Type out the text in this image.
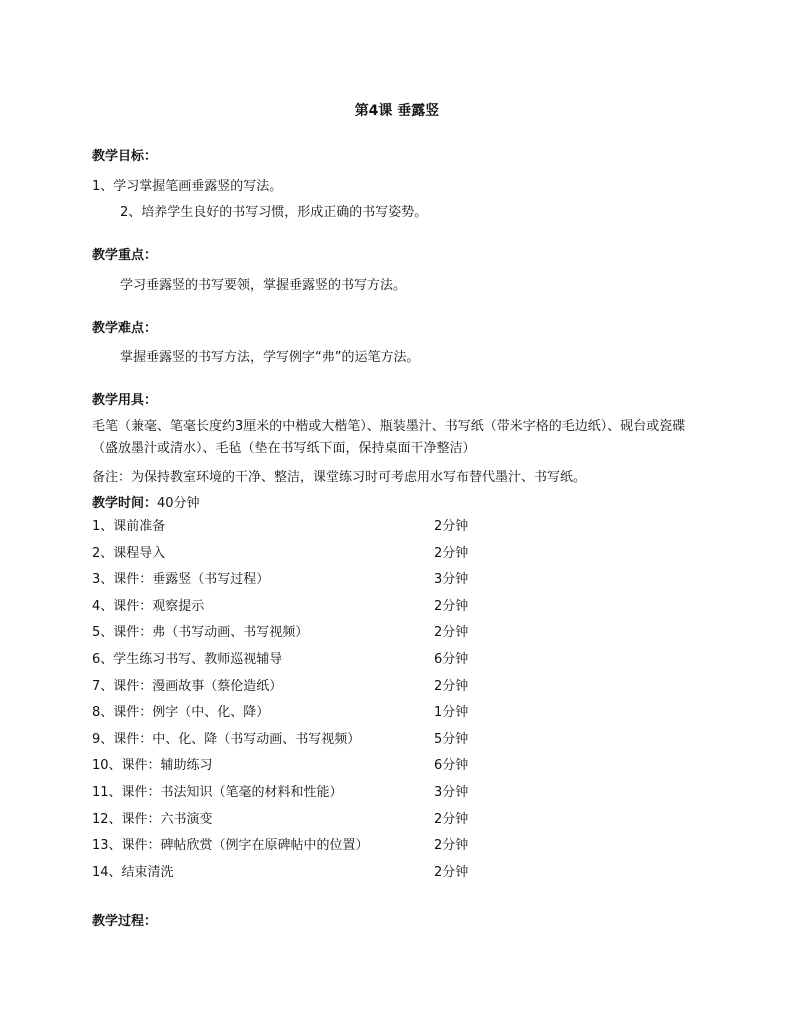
第4课 垂露竖
教学目标：
1、学习掌握笔画垂露竖的写法。
2、培养学生良好的书写习惯，形成正确的书写姿势。
教学重点：
学习垂露竖的书写要领，掌握垂露竖的书写方法。
教学难点：
掌握垂露竖的书写方法，学写例字“弗”的运笔方法。
教学用具：
毛笔（兼毫、笔毫长度约3厘米的中楷或大楷笔）、瓶装墨汁、书写纸（带米字格的毛边纸）、砚台或瓷碟（盛放墨汁或清水）、毛毡（垫在书写纸下面，保持桌面干净整洁）
备注：为保持教室环境的干净、整洁，课堂练习时可考虑用水写布替代墨汁、书写纸。
教学时间：40分钟
1、课前准备	2分钟
2、课程导入	2分钟
3、课件：垂露竖（书写过程）	3分钟
4、课件：观察提示	2分钟
5、课件：弗（书写动画、书写视频）	2分钟
6、学生练习书写、教师巡视辅导	6分钟
7、课件：漫画故事（蔡伦造纸）	2分钟
8、课件：例字（中、化、降）	1分钟
9、课件：中、化、降（书写动画、书写视频）	5分钟
10、课件：辅助练习	6分钟
11、课件：书法知识（笔毫的材料和性能）	3分钟
12、课件：六书演变	2分钟
13、课件：碑帖欣赏（例字在原碑帖中的位置）	2分钟
14、结束清洗	2分钟
教学过程：
